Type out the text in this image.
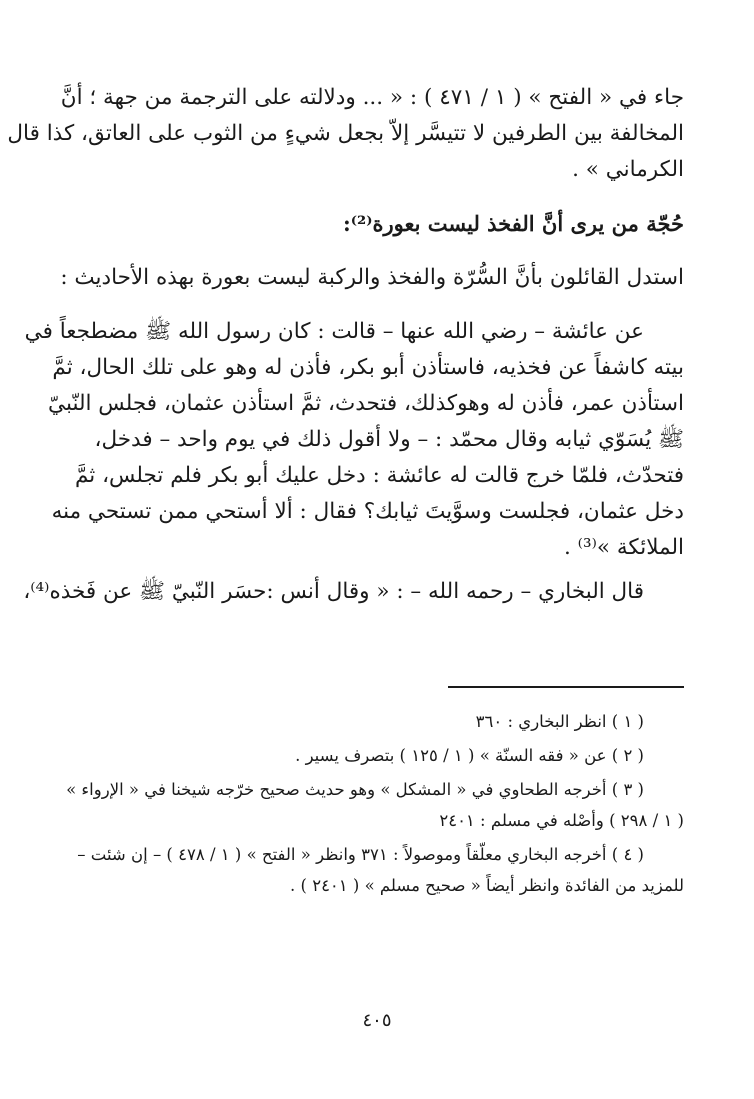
جاء في « الفتح » ( ١ / ٤٧١ ) : « ... ودلالته على الترجمة من جهة ؛ أنَّ

المخالفة بين الطرفين لا تتيسَّر إلاّ بجعل شيءٍ من الثوب على العاتق، كذا قال

الكرماني » .

حُجّة من يرى أنَّ الفخذ ليست بعورة⁽²⁾:

استدل القائلون بأنَّ السُّرّة والفخذ والركبة ليست بعورة بهذه الأحاديث :

عن عائشة – رضي الله عنها – قالت : كان رسول الله ﷺ مضطجعاً في

بيته كاشفاً عن فخذيه، فاستأذن أبو بكر، فأذن له وهو على تلك الحال، ثمَّ

استأذن عمر، فأذن له وهوكذلك، فتحدث، ثمَّ استأذن عثمان، فجلس النّبيّ

ﷺ يُسَوّي ثيابه وقال محمّد : – ولا أقول ذلك في يوم واحد – فدخل،

فتحدّث، فلمّا خرج قالت له عائشة : دخل عليك أبو بكر فلم تجلس، ثمَّ

دخل عثمان، فجلست وسوَّيتَ ثيابك؟ فقال : ألا أستحي ممن تستحي منه

الملائكة »⁽³⁾ .

قال البخاري – رحمه الله – : « وقال أنس :حسَر النّبيّ ﷺ عن فَخذه⁽⁴⁾،

( ١ ) انظر البخاري : ٣٦٠

( ٢ ) عن « فقه السنّة » ( ١ / ١٢٥ ) بتصرف يسير .

( ٣ ) أخرجه الطحاوي في « المشكل » وهو حديث صحيح خرّجه شيخنا في « الإرواء »

( ١ / ٢٩٨ ) وأصْله في مسلم : ٢٤٠١

( ٤ ) أخرجه البخاري معلّقاً وموصولاً : ٣٧١ وانظر « الفتح » ( ١ / ٤٧٨ ) – إن شئت –

للمزيد من الفائدة وانظر أيضاً « صحيح مسلم » ( ٢٤٠١ ) .

٤٠٥
